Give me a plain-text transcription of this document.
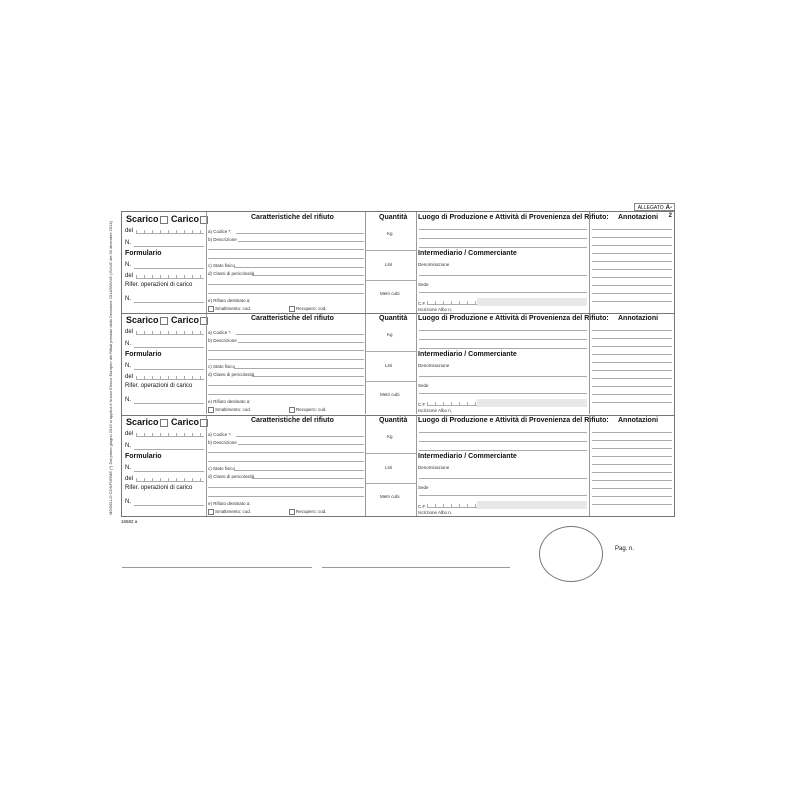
ALLEGATO A-2
MODELLO CONFORME (*) Dal primo giugno 2015 si applica il Nuovo Elenco Europeo dei Rifiuti previsto dalla Decisione 2014/955/UE (GUUE del 30 dicembre 2014)
Scarico	Carico
del
N.
Formulario
N.
del
Rifer. operazioni di carico
N.
Caratteristiche del rifiuto
a) Codice *:
b) Descrizione
c) Stato fisico
d) Classi di pericolosità
e) Rifiuto destinato a:
Smaltimento: cod.	Recupero: cod.
Quantità
Kg
Litri
Metri cubi
Luogo di Produzione e Attività di Provenienza del Rifiuto:
Intermediario / Commerciante
Denominazione
Sede
C.F.
Iscrizione Albo n.
Annotazioni
Scarico	Carico
del
N.
Formulario
N.
del
Rifer. operazioni di carico
N.
Caratteristiche del rifiuto
a) Codice *:
b) Descrizione
c) Stato fisico
d) Classi di pericolosità
e) Rifiuto destinato a:
Smaltimento: cod.	Recupero: cod.
Quantità
Kg
Litri
Metri cubi
Luogo di Produzione e Attività di Provenienza del Rifiuto:
Intermediario / Commerciante
Denominazione
Sede
C.F.
Iscrizione Albo n.
Annotazioni
Scarico	Carico
del
N.
Formulario
N.
del
Rifer. operazioni di carico
N.
Caratteristiche del rifiuto
a) Codice *:
b) Descrizione
c) Stato fisico
d) Classi di pericolosità
e) Rifiuto destinato a:
Smaltimento: cod.	Recupero: cod.
Quantità
Kg
Litri
Metri cubi
Luogo di Produzione e Attività di Provenienza del Rifiuto:
Intermediario / Commerciante
Denominazione
Sede
C.F.
Iscrizione Albo n.
Annotazioni
16582 a
Pag. n.
